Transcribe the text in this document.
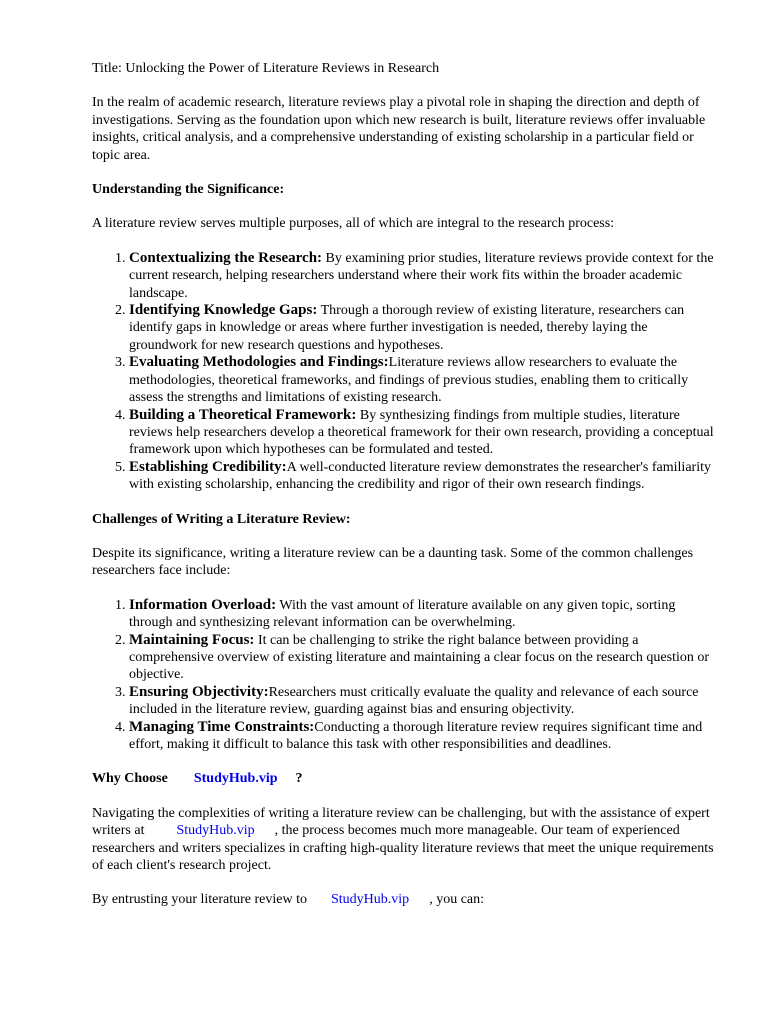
Title: Unlocking the Power of Literature Reviews in Research

In the realm of academic research, literature reviews play a pivotal role in shaping the direction and depth of investigations. Serving as the foundation upon which new research is built, literature reviews offer invaluable insights, critical analysis, and a comprehensive understanding of existing scholarship in a particular field or topic area.

Understanding the Significance:

A literature review serves multiple purposes, all of which are integral to the research process:

1. Contextualizing the Research: By examining prior studies, literature reviews provide context for the current research, helping researchers understand where their work fits within the broader academic landscape.
2. Identifying Knowledge Gaps: Through a thorough review of existing literature, researchers can identify gaps in knowledge or areas where further investigation is needed, thereby laying the groundwork for new research questions and hypotheses.
3. Evaluating Methodologies and Findings:Literature reviews allow researchers to evaluate the methodologies, theoretical frameworks, and findings of previous studies, enabling them to critically assess the strengths and limitations of existing research.
4. Building a Theoretical Framework: By synthesizing findings from multiple studies, literature reviews help researchers develop a theoretical framework for their own research, providing a conceptual framework upon which hypotheses can be formulated and tested.
5. Establishing Credibility:A well-conducted literature review demonstrates the researcher's familiarity with existing scholarship, enhancing the credibility and rigor of their own research findings.

Challenges of Writing a Literature Review:

Despite its significance, writing a literature review can be a daunting task. Some of the common challenges researchers face include:

1. Information Overload: With the vast amount of literature available on any given topic, sorting through and synthesizing relevant information can be overwhelming.
2. Maintaining Focus: It can be challenging to strike the right balance between providing a comprehensive overview of existing literature and maintaining a clear focus on the research question or objective.
3. Ensuring Objectivity:Researchers must critically evaluate the quality and relevance of each source included in the literature review, guarding against bias and ensuring objectivity.
4. Managing Time Constraints:Conducting a thorough literature review requires significant time and effort, making it difficult to balance this task with other responsibilities and deadlines.

Why Choose StudyHub.vip ?

Navigating the complexities of writing a literature review can be challenging, but with the assistance of expert writers at StudyHub.vip , the process becomes much more manageable. Our team of experienced researchers and writers specializes in crafting high-quality literature reviews that meet the unique requirements of each client's research project.

By entrusting your literature review to StudyHub.vip , you can:
